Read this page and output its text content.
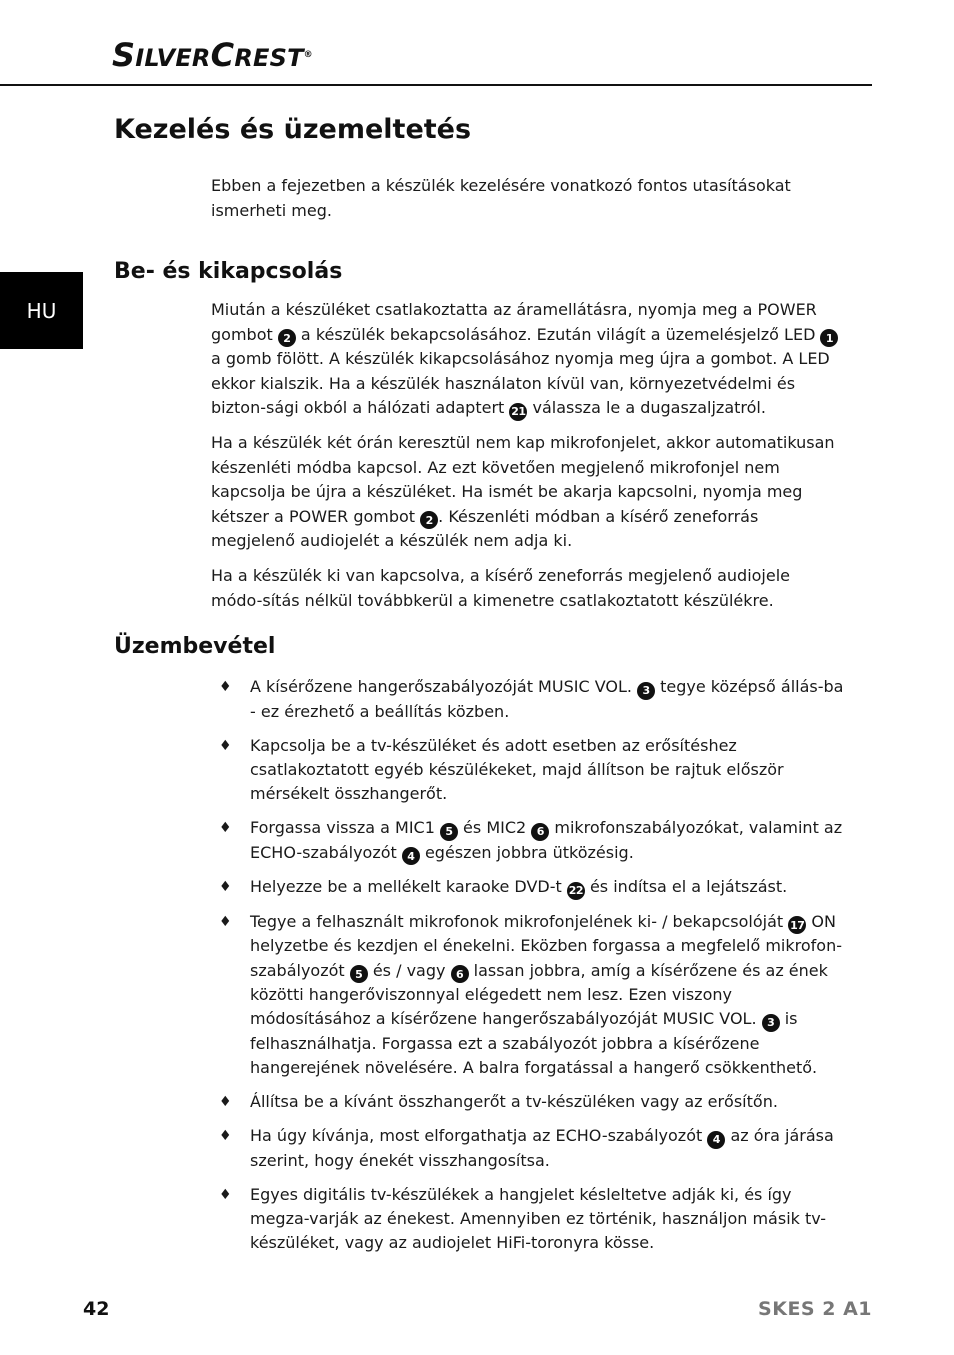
SILVERCREST®
HU
Kezelés és üzemeltetés

Ebben a fejezetben a készülék kezelésére vonatkozó fontos utasításokat ismerheti meg.

Be- és kikapcsolás

Miután a készüléket csatlakoztatta az áramellátásra, nyomja meg a POWER gombot 2 a készülék bekapcsolásához. Ezután világít a üzemelésjelző LED 1 a gomb fölött. A készülék kikapcsolásához nyomja meg újra a gombot. A LED ekkor kialszik. Ha a készülék használaton kívül van, környezetvédelmi és bizton-sági okból a hálózati adaptert 21 válassza le a dugaszaljzatról.

Ha a készülék két órán keresztül nem kap mikrofonjelet, akkor automatikusan készenléti módba kapcsol. Az ezt követően megjelenő mikrofonjel nem kapcsolja be újra a készüléket. Ha ismét be akarja kapcsolni, nyomja meg kétszer a POWER gombot 2 . Készenléti módban a kísérő zeneforrás megjelenő audiojelét a készülék nem adja ki.

Ha a készülék ki van kapcsolva, a kísérő zeneforrás megjelenő audiojele módo-sítás nélkül továbbkerül a kimenetre csatlakoztatott készülékre.

Üzembevétel
♦ A kísérőzene hangerőszabályozóját MUSIC VOL. 3 tegye középső állás-ba - ez érezhető a beállítás közben.
♦ Kapcsolja be a tv-készüléket és adott esetben az erősítéshez csatlakoztatott egyéb készülékeket, majd állítson be rajtuk először mérsékelt összhangerőt.
♦ Forgassa vissza a MIC1 5 és MIC2 6 mikrofonszabályozókat, valamint az ECHO-szabályozót 4 egészen jobbra ütközésig.
♦ Helyezze be a mellékelt karaoke DVD-t 22 és indítsa el a lejátszást.
♦ Tegye a felhasznált mikrofonok mikrofonjelének ki- / bekapcsolóját 17 ON helyzetbe és kezdjen el énekelni. Eközben forgassa a megfelelő mikrofon-szabályozót 5 és / vagy 6 lassan jobbra, amíg a kísérőzene és az ének közötti hangerőviszonnyal elégedett nem lesz. Ezen viszony módosításához a kísérőzene hangerőszabályozóját MUSIC VOL. 3 is felhasználhatja. Forgassa ezt a szabályozót jobbra a kísérőzene hangerejének növelésére. A balra forgatással a hangerő csökkenthető.
♦ Állítsa be a kívánt összhangerőt a tv-készüléken vagy az erősítőn.
♦ Ha úgy kívánja, most elforgathatja az ECHO-szabályozót 4 az óra járása szerint, hogy énekét visszhangosítsa.
♦ Egyes digitális tv-készülékek a hangjelet késleltetve adják ki, és így megza-varják az énekest. Amennyiben ez történik, használjon másik tv-készüléket, vagy az audiojelet HiFi-toronyra kösse.
42	SKES 2 A1
